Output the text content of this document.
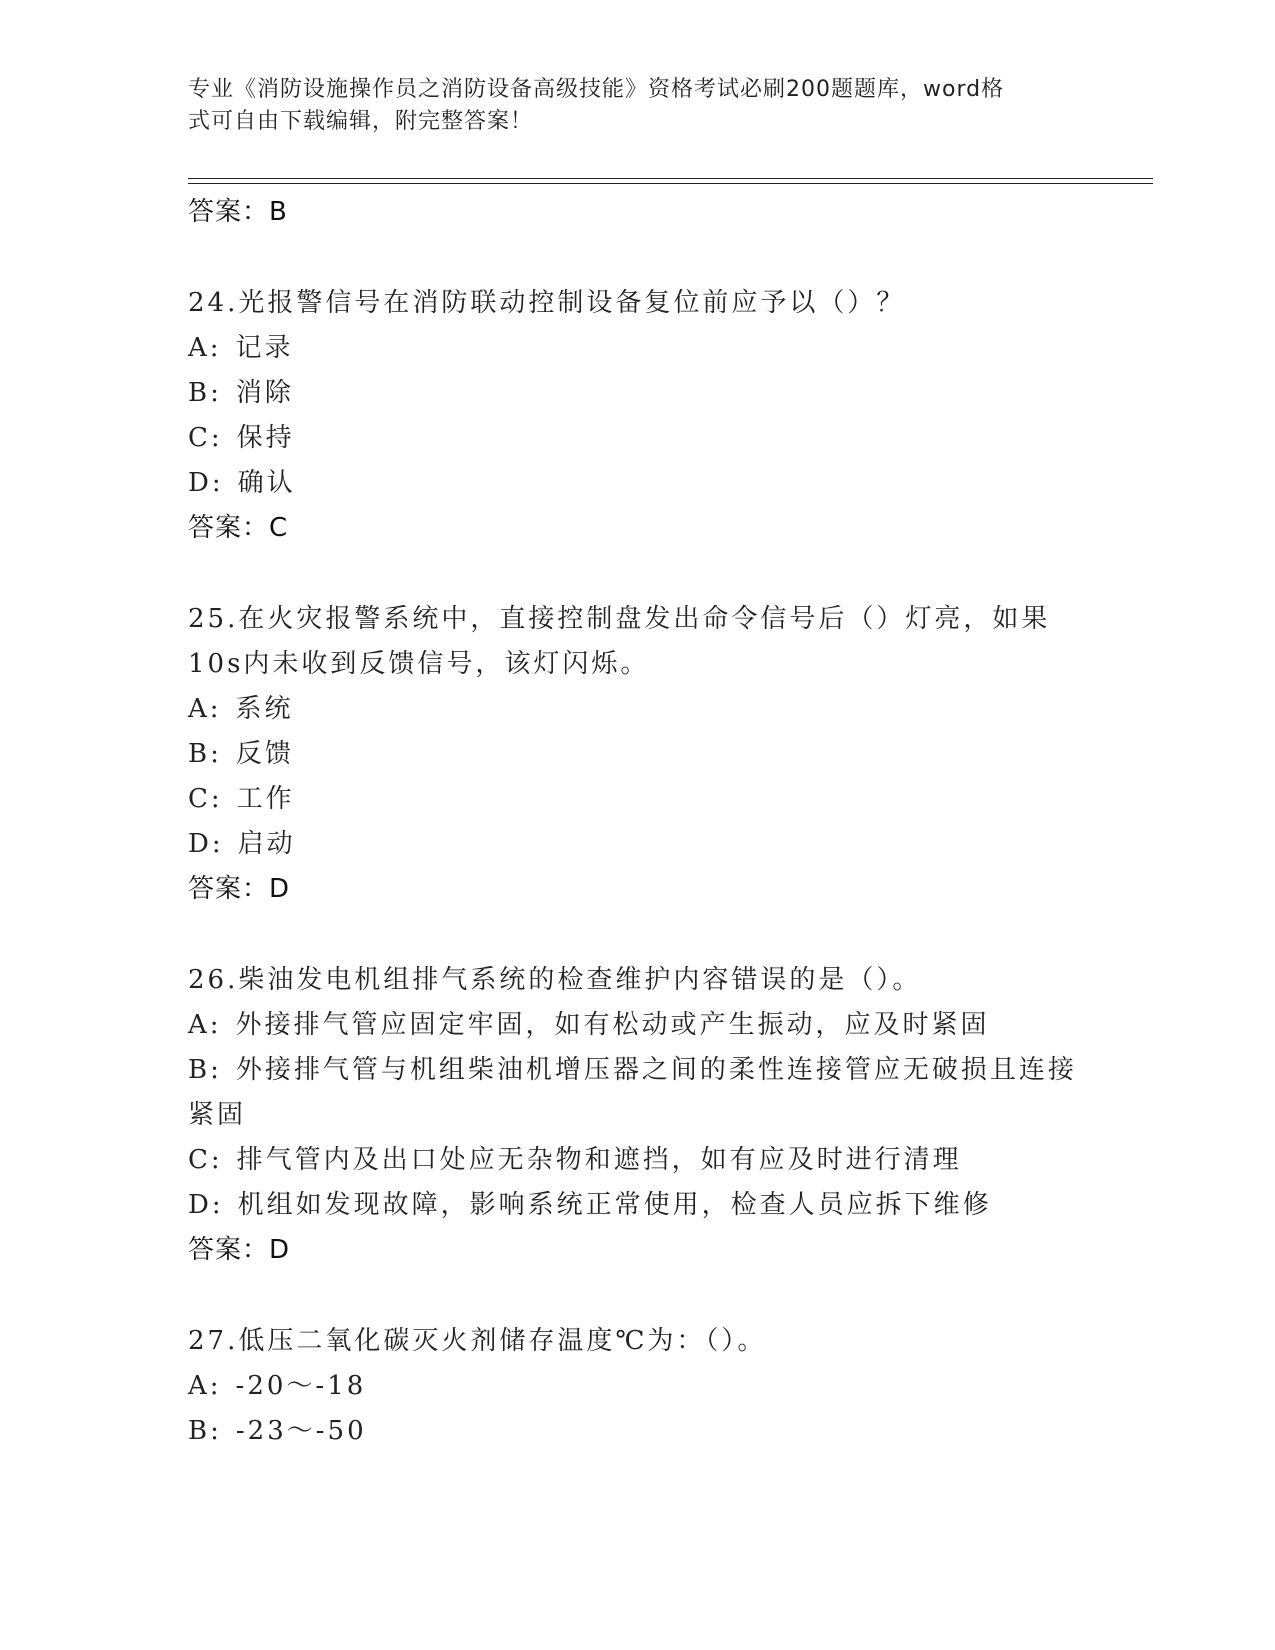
专业《消防设施操作员之消防设备高级技能》资格考试必刷200题题库，word格
式可自由下载编辑，附完整答案！

答案：B

24.光报警信号在消防联动控制设备复位前应予以（）？

A: 记录

B: 消除

C: 保持

D: 确认

答案：C

25.在火灾报警系统中，直接控制盘发出命令信号后（）灯亮，如果

10s内未收到反馈信号，该灯闪烁。

A: 系统

B: 反馈

C: 工作

D: 启动

答案：D

26.柴油发电机组排气系统的检查维护内容错误的是（）。

A: 外接排气管应固定牢固，如有松动或产生振动，应及时紧固

B: 外接排气管与机组柴油机增压器之间的柔性连接管应无破损且连接

紧固

C: 排气管内及出口处应无杂物和遮挡，如有应及时进行清理

D: 机组如发现故障，影响系统正常使用，检查人员应拆下维修

答案：D

27.低压二氧化碳灭火剂储存温度℃为：（）。

A: -20～-18

B: -23～-50
